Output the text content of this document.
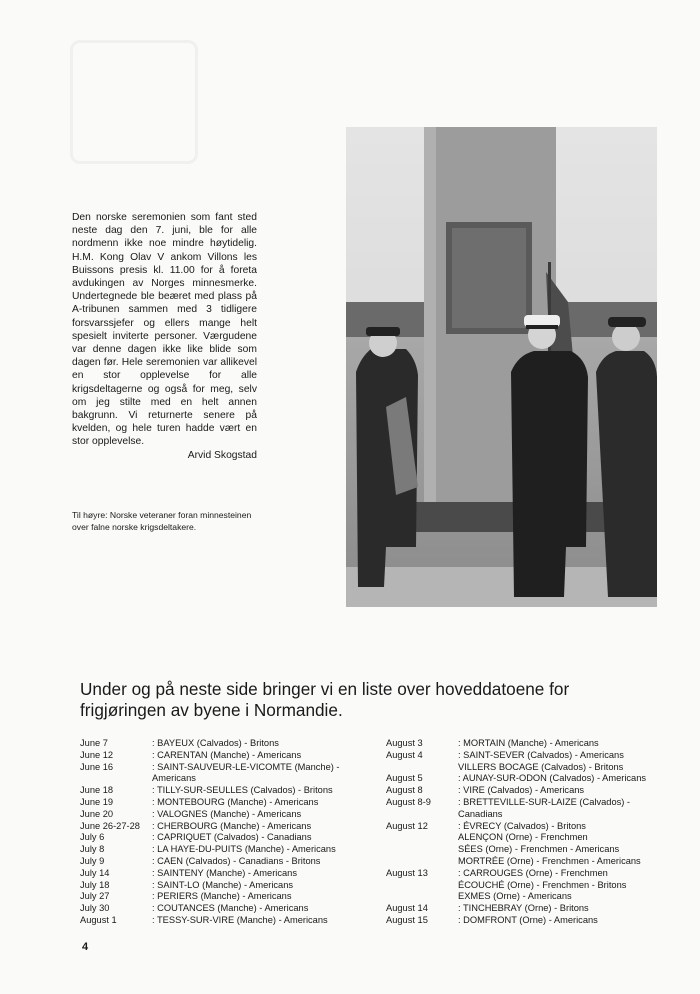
Den norske seremonien som fant sted neste dag den 7. juni, ble for alle nordmenn ikke noe mindre høytidelig. H.M. Kong Olav V ankom Villons les Buissons presis kl. 11.00 for å foreta avdukingen av Norges minnesmerke. Undertegnede ble beæret med plass på A-tribunen sammen med 3 tidligere forsvarssjefer og ellers mange helt spesielt inviterte personer. Værgudene var denne dagen ikke like blide som dagen før. Hele seremonien var allikevel en stor opplevelse for alle krigsdeltagerne og også for meg, selv om jeg stilte med en helt annen bakgrunn. Vi returnerte senere på kvelden, og hele turen hadde vært en stor opplevelse.

Arvid Skogstad
Til høyre: Norske veteraner foran minnesteinen over falne norske krigsdeltakere.
Under og på neste side bringer vi en liste over hoveddatoene for frigjøringen av byene i Normandie.
June 7	: BAYEUX (Calvados) - Britons
June 12	: CARENTAN (Manche) - Americans
June 16	: SAINT-SAUVEUR-LE-VICOMTE (Manche) - Americans
June 18	: TILLY-SUR-SEULLES (Calvados) - Britons
June 19	: MONTEBOURG (Manche) - Americans
June 20	: VALOGNES (Manche) - Americans
June 26-27-28	: CHERBOURG (Manche) - Americans
July 6	: CAPRIQUET (Calvados) - Canadians
July 8	: LA HAYE-DU-PUITS (Manche) - Americans
July 9	: CAEN (Calvados) - Canadians - Britons
July 14	: SAINTENY (Manche) - Americans
July 18	: SAINT-LO (Manche) - Americans
July 27	: PERIERS (Manche) - Americans
July 30	: COUTANCES (Manche) - Americans
August 1	: TESSY-SUR-VIRE (Manche) - Americans
August 3	: MORTAIN (Manche) - Americans
August 4	: SAINT-SEVER (Calvados) - Americans
VILLERS BOCAGE (Calvados) - Britons
August 5	: AUNAY-SUR-ODON (Calvados) - Americans
August 8	: VIRE (Calvados) - Americans
August 8-9	: BRETTEVILLE-SUR-LAIZE (Calvados) - Canadians
August 12	: ÉVRECY (Calvados) - Britons
ALENÇON (Orne) - Frenchmen
SÉES (Orne) - Frenchmen - Americans
MORTRÉE (Orne) - Frenchmen - Americans
August 13	: CARROUGES (Orne) - Frenchmen
ÉCOUCHÉ (Orne) - Frenchmen - Britons
EXMES (Orne) - Americans
August 14	: TINCHEBRAY (Orne) - Britons
August 15	: DOMFRONT (Orne) - Americans
4
